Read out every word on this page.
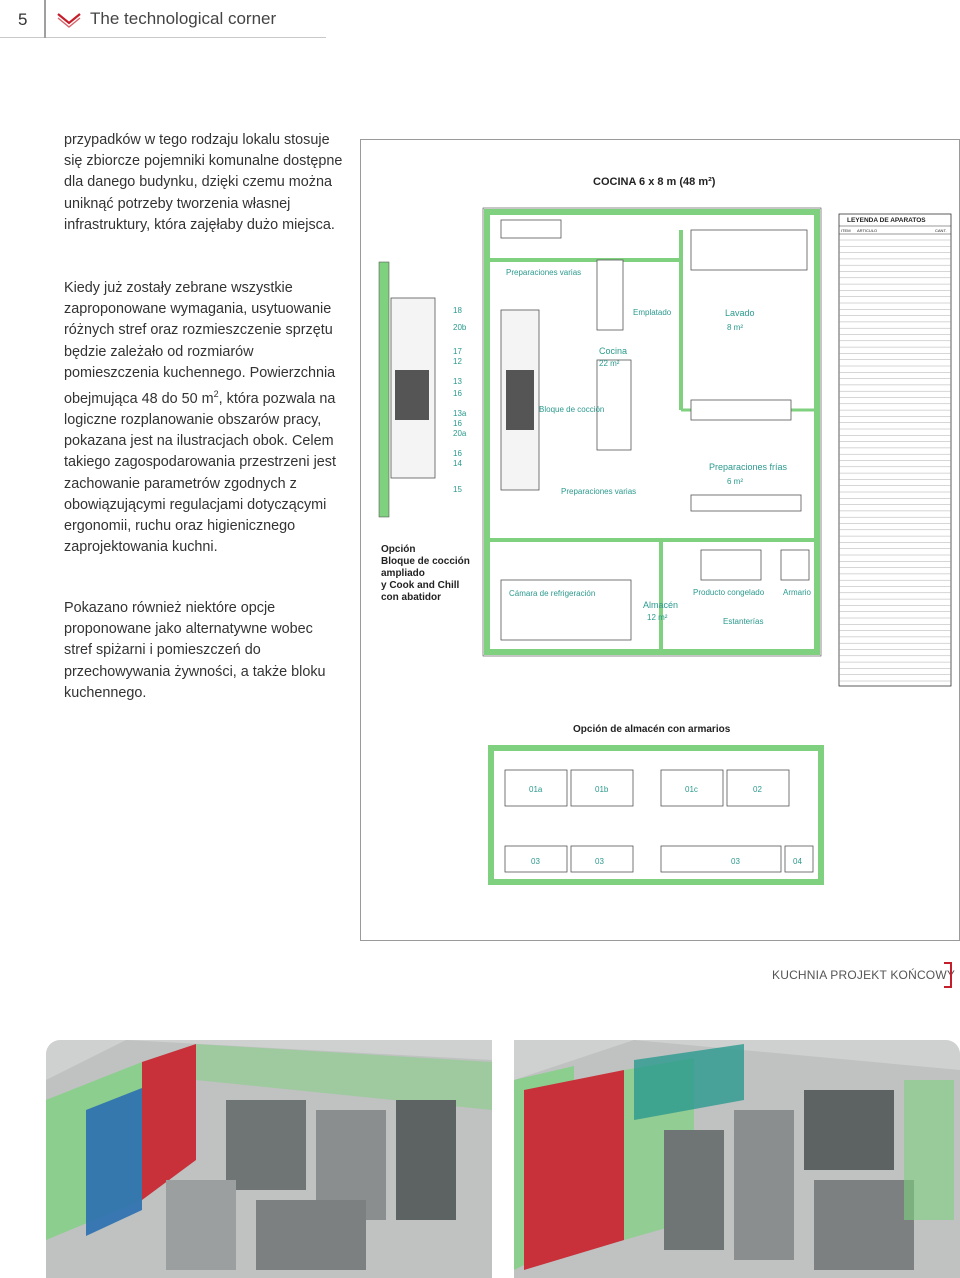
5	The technological corner

przypadków w tego rodzaju lokalu stosuje się zbiorcze pojemniki komunalne dostępne dla danego budynku, dzięki czemu można uniknąć potrzeby tworzenia własnej infrastruktury, która zajęłaby dużo miejsca.

Kiedy już zostały zebrane wszystkie zaproponowane wymagania, usytuowanie różnych stref oraz rozmieszczenie sprzętu będzie zależało od rozmiarów pomieszczenia kuchennego. Powierzchnia obejmująca 48 do 50 $m^2$, która pozwala na logiczne rozplanowanie obszarów pracy, pokazana jest na ilustracjach obok. Celem takiego zagospodarowania przestrzeni jest zachowanie parametrów zgodnych z obowiązującymi regulacjami dotyczącymi ergonomii, ruchu oraz higienicznego zaprojektowania kuchni.

Pokazano również niektóre opcje proponowane jako alternatywne wobec stref spiżarni i pomieszczeń do przechowywania żywności, a także bloku kuchennego.

COCINA 6 x 8 m (48 m²)
Preparaciones varias
Emplatado	Lavado
8 m²
Cocina
22 m²
Bloque de cocción
Preparaciones frías
6 m²
Preparaciones varias
Cámara de refrigeración
Almacén
12 m²
Producto congelado Armario
Estanterías
18
20b
17
12
13
16
13a
16
20a
16
14
15
Opción
Bloque de cocción
ampliado
y Cook and Chill
con abatidor
LEYENDA DE APARATOS
ITEM ARTICULO	CANT.
Opción de almacén con armarios
01a	01b	01c	02
03	03	03	04
KUCHNIA PROJEKT KOŃCOWY
